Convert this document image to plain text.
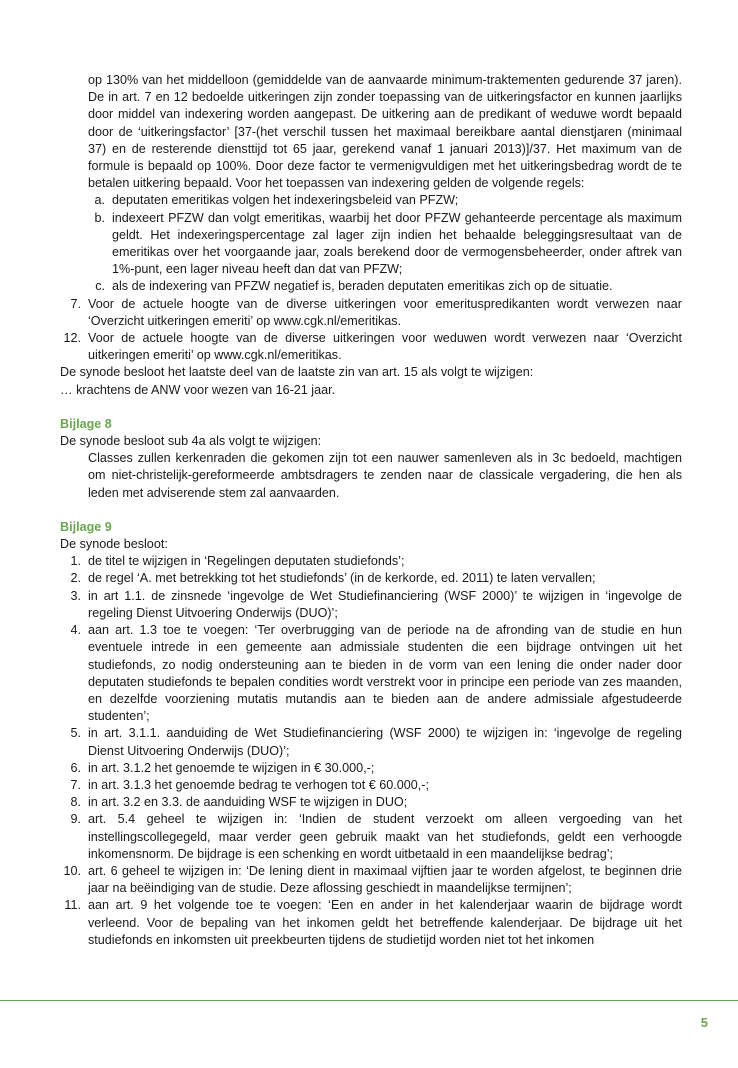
op 130% van het middelloon (gemiddelde van de aanvaarde minimum-traktementen gedurende 37 jaren). De in art. 7 en 12 bedoelde uitkeringen zijn zonder toepassing van de uitkeringsfactor en kunnen jaarlijks door middel van indexering worden aangepast. De uitkering aan de predikant of weduwe wordt bepaald door de ‘uitkeringsfactor’ [37-(het verschil tussen het maximaal bereikbare aantal dienstjaren (minimaal 37) en de resterende diensttijd tot 65 jaar, gerekend vanaf 1 januari 2013)]/37. Het maximum van de formule is bepaald op 100%. Door deze factor te vermenigvuldigen met het uitkeringsbedrag wordt de te betalen uitkering bepaald. Voor het toepassen van indexering gelden de volgende regels:

a. deputaten emeritikas volgen het indexeringsbeleid van PFZW;
b. indexeert PFZW dan volgt emeritikas, waarbij het door PFZW gehanteerde percentage als maximum geldt. Het indexeringspercentage zal lager zijn indien het behaalde beleggingsresultaat van de emeritikas over het voorgaande jaar, zoals berekend door de vermogensbeheerder, onder aftrek van 1%-punt, een lager niveau heeft dan dat van PFZW;
c. als de indexering van PFZW negatief is, beraden deputaten emeritikas zich op de situatie.
7. Voor de actuele hoogte van de diverse uitkeringen voor emerituspredikanten wordt verwezen naar ‘Overzicht uitkeringen emeriti’ op www.cgk.nl/emeritikas.
12. Voor de actuele hoogte van de diverse uitkeringen voor weduwen wordt verwezen naar ‘Overzicht uitkeringen emeriti’ op www.cgk.nl/emeritikas.

De synode besloot het laatste deel van de laatste zin van art. 15 als volgt te wijzigen:

… krachtens de ANW voor wezen van 16-21 jaar.

Bijlage 8

De synode besloot sub 4a als volgt te wijzigen:

Classes zullen kerkenraden die gekomen zijn tot een nauwer samenleven als in 3c bedoeld, machtigen om niet-christelijk-gereformeerde ambtsdragers te zenden naar de classicale vergadering, die hen als leden met adviserende stem zal aanvaarden.

Bijlage 9

De synode besloot:

1. de titel te wijzigen in ‘Regelingen deputaten studiefonds’;
2. de regel ‘A. met betrekking tot het studiefonds’ (in de kerkorde, ed. 2011) te laten vervallen;
3. in art 1.1. de zinsnede ‘ingevolge de Wet Studiefinanciering (WSF 2000)’ te wijzigen in ‘ingevolge de regeling Dienst Uitvoering Onderwijs (DUO)’;
4. aan art. 1.3 toe te voegen: ‘Ter overbrugging van de periode na de afronding van de studie en hun eventuele intrede in een gemeente aan admissiale studenten die een bijdrage ontvingen uit het studiefonds, zo nodig ondersteuning aan te bieden in de vorm van een lening die onder nader door deputaten studiefonds te bepalen condities wordt verstrekt voor in principe een periode van zes maanden, en dezelfde voorziening mutatis mutandis aan te bieden aan de andere admissiale afgestudeerde studenten’;
5. in art. 3.1.1. aanduiding de Wet Studiefinanciering (WSF 2000) te wijzigen in: ‘ingevolge de regeling Dienst Uitvoering Onderwijs (DUO)’;
6. in art. 3.1.2 het genoemde te wijzigen in € 30.000,-;
7. in art. 3.1.3 het genoemde bedrag te verhogen tot € 60.000,-;
8. in art. 3.2 en 3.3. de aanduiding WSF te wijzigen in DUO;
9. art. 5.4 geheel te wijzigen in: ‘Indien de student verzoekt om alleen vergoeding van het instellingscollegegeld, maar verder geen gebruik maakt van het studiefonds, geldt een verhoogde inkomensnorm. De bijdrage is een schenking en wordt uitbetaald in een maandelijkse bedrag’;
10. art. 6 geheel te wijzigen in: ‘De lening dient in maximaal vijftien jaar te worden afgelost, te beginnen drie jaar na beëindiging van de studie. Deze aflossing geschiedt in maandelijkse termijnen’;
11. aan art. 9 het volgende toe te voegen: ‘Een en ander in het kalenderjaar waarin de bijdrage wordt verleend. Voor de bepaling van het inkomen geldt het betreffende kalenderjaar. De bijdrage uit het studiefonds en inkomsten uit preekbeurten tijdens de studietijd worden niet tot het inkomen
5
